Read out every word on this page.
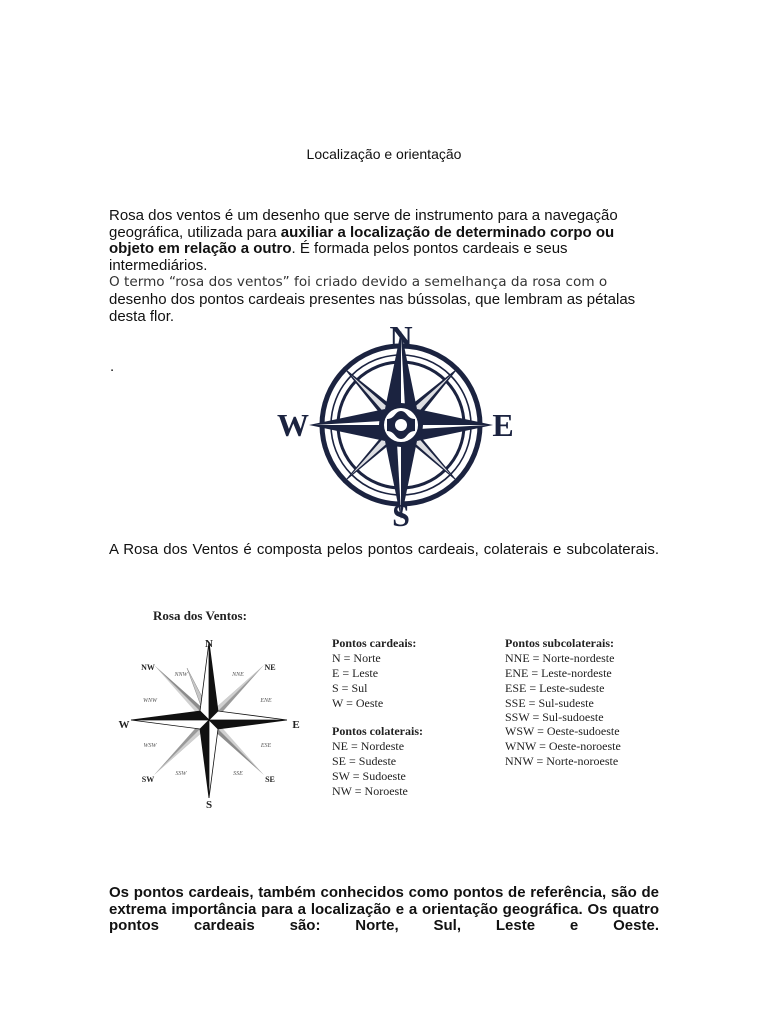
Localização e orientação
Rosa dos ventos é um desenho que serve de instrumento para a navegação geográfica, utilizada para auxiliar a localização de determinado corpo ou objeto em relação a outro. É formada pelos pontos cardeais e seus intermediários.
O termo “rosa dos ventos” foi criado devido a semelhança da rosa com o
desenho dos pontos cardeais presentes nas bússolas, que lembram as pétalas desta flor.
.
N
S
E
W
A Rosa dos Ventos é composta pelos pontos cardeais, colaterais e subcolaterais.
Rosa dos Ventos:
N
S
E
W
NE
SE
SW
NW
NNE
ENE
ESE
SSE
SSW
WSW
WNW
NNW
Pontos cardeais:
N = Norte
E = Leste
S = Sul
W = Oeste
Pontos colaterais:
NE = Nordeste
SE = Sudeste
SW = Sudoeste
NW = Noroeste
Pontos subcolaterais:
NNE = Norte-nordeste
ENE = Leste-nordeste
ESE = Leste-sudeste
SSE = Sul-sudeste
SSW = Sul-sudoeste
WSW = Oeste-sudoeste
WNW = Oeste-noroeste
NNW = Norte-noroeste
Os pontos cardeais, também conhecidos como pontos de referência, são de extrema importância para a localização e a orientação geográfica. Os quatro pontos cardeais são: Norte, Sul, Leste e Oeste.
